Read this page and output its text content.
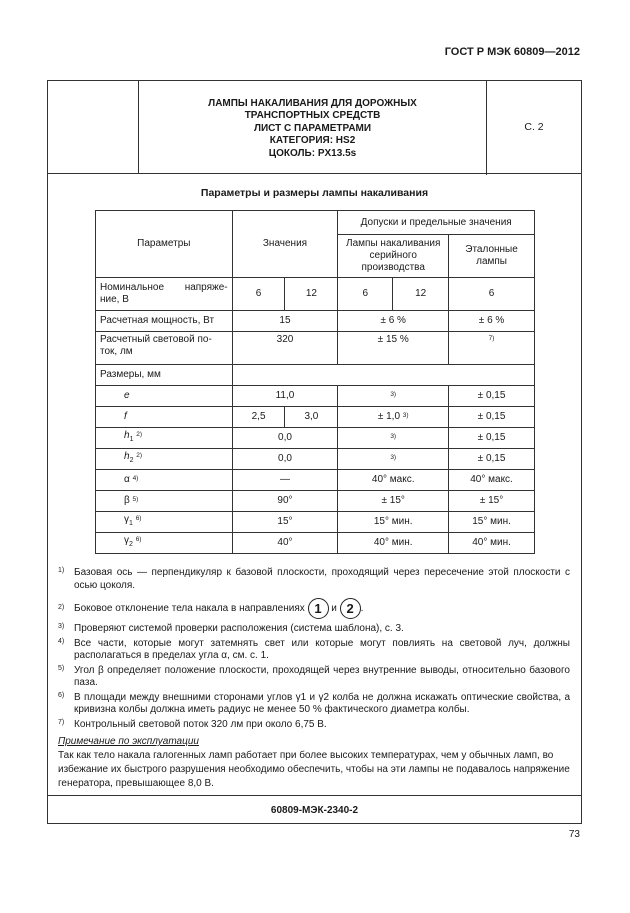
ГОСТ Р МЭК 60809—2012
ЛАМПЫ НАКАЛИВАНИЯ ДЛЯ ДОРОЖНЫХ
ТРАНСПОРТНЫХ СРЕДСТВ
ЛИСТ С ПАРАМЕТРАМИ
КАТЕГОРИЯ: HS2
ЦОКОЛЬ: PX13.5s
С. 2
Параметры и размеры лампы накаливания
Параметры	Значения		Допуски и предельные значения		
			Лампы накаливания серийного производства		Эталонные лампы
Номинальное напряже-ние, В	6	12	6	12	6
Расчетная мощность, Вт	15		± 6 %		± 6 %
Расчетный световой по-ток, лм	320		± 15 %		$^{7)}$
Размеры, мм					
e	11,0		$^{3)}$		± 0,15
f	2,5	3,0	± 1,0 $^{3)}$		± 0,15
$h_1$ $^{2)}$	0,0		$^{3)}$		± 0,15
$h_2$ $^{2)}$	0,0		$^{3)}$		± 0,15
α $^{4)}$	—		40° макс.		40° макс.
β $^{5)}$	90°		± 15°		± 15°
$\gamma_1$ $^{6)}$	15°		15° мин.		15° мин.
$\gamma_2$ $^{6)}$	40°		40° мин.		40° мин.
60809-МЭК-2340-2
1) Базовая ось — перпендикуляр к базовой плоскости, проходящий через пересечение этой плоскости с осью цоколя.
2) Боковое отклонение тела накала в направлениях 1 и 2 .
3) Проверяют системой проверки расположения (система шаблона), с. 3.
4) Все части, которые могут затемнять свет или которые могут повлиять на световой луч, должны располагаться в пределах угла α, см. с. 1.
5) Угол β определяет положение плоскости, проходящей через внутренние выводы, относительно базового паза.
6) В площади между внешними сторонами углов γ1 и γ2 колба не должна искажать оптические свойства, а кривизна колбы должна иметь радиус не менее 50 % фактического диаметра колбы.
7) Контрольный световой поток 320 лм при около 6,75 В.
Примечание по эксплуатации
Так как тело накала галогенных ламп работает при более высоких температурах, чем у обычных ламп, во избежание их быстрого разрушения необходимо обеспечить, чтобы на эти лампы не подавалось напряжение генератора, превышающее 8,0 В.
73
